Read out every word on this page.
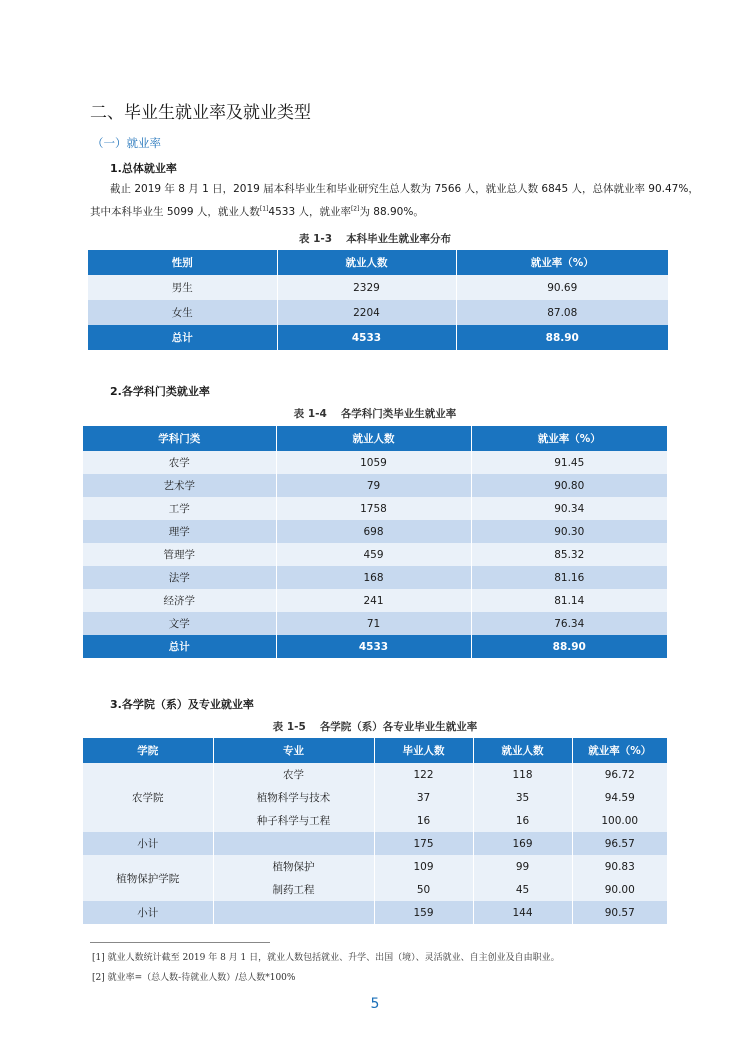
二、毕业生就业率及就业类型
（一）就业率
1.总体就业率
截止 2019 年 8 月 1 日，2019 届本科毕业生和毕业研究生总人数为 7566 人，就业总人数 6845 人，总体就业率 90.47%，
其中本科毕业生 5099 人，就业人数[1]4533 人，就业率[2]为 88.90%。
表 1-3 本科毕业生就业率分布
性别	就业人数	就业率（%）
男生	2329	90.69
女生	2204	87.08
总计	4533	88.90
2.各学科门类就业率
表 1-4 各学科门类毕业生就业率
学科门类	就业人数	就业率（%）
农学	1059	91.45
艺术学	79	90.80
工学	1758	90.34
理学	698	90.30
管理学	459	85.32
法学	168	81.16
经济学	241	81.14
文学	71	76.34
总计	4533	88.90
3.各学院（系）及专业就业率
表 1-5 各学院（系）各专业毕业生就业率
学院	专业	毕业人数	就业人数	就业率（%）
农学院	农学	122	118	96.72
	植物科学与技术	37	35	94.59
	种子科学与工程	16	16	100.00
小计		175	169	96.57
植物保护学院	植物保护	109	99	90.83
	制药工程	50	45	90.00
小计		159	144	90.57
[1] 就业人数统计截至 2019 年 8 月 1 日，就业人数包括就业、升学、出国（境）、灵活就业、自主创业及自由职业。
[2] 就业率=（总人数-待就业人数）/总人数*100%
5
